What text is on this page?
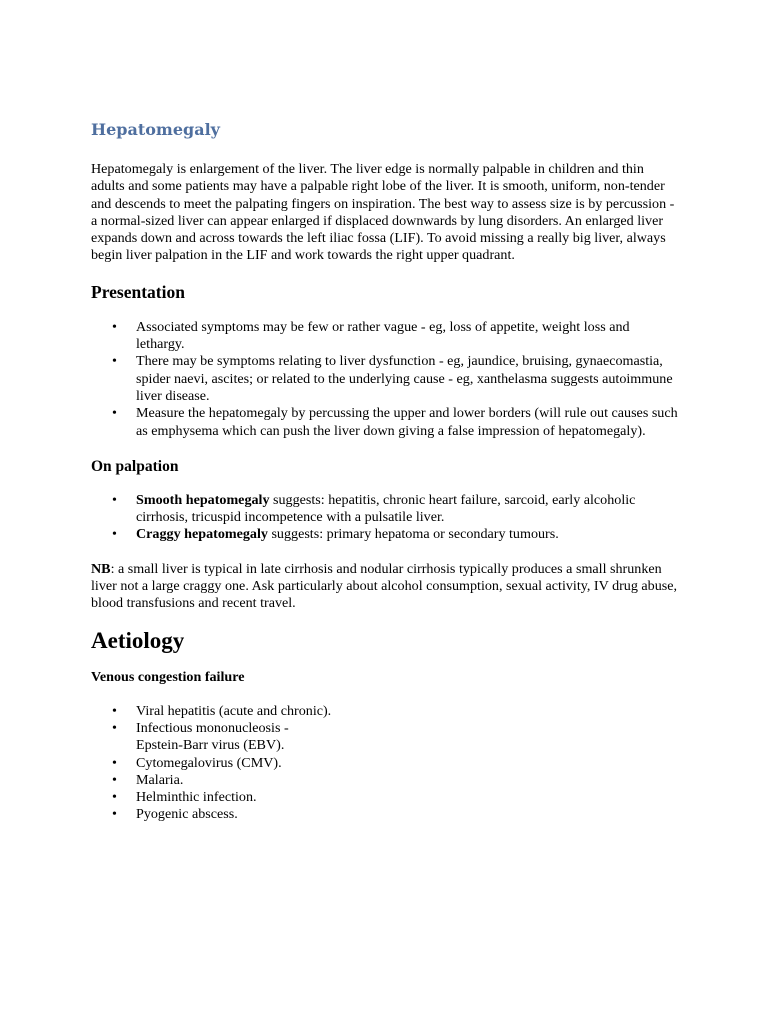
Hepatomegaly

Hepatomegaly is enlargement of the liver. The liver edge is normally palpable in children and thin adults and some patients may have a palpable right lobe of the liver. It is smooth, uniform, non-tender and descends to meet the palpating fingers on inspiration. The best way to assess size is by percussion - a normal-sized liver can appear enlarged if displaced downwards by lung disorders. An enlarged liver expands down and across towards the left iliac fossa (LIF). To avoid missing a really big liver, always begin liver palpation in the LIF and work towards the right upper quadrant.

Presentation
• Associated symptoms may be few or rather vague - eg, loss of appetite, weight loss and lethargy.
• There may be symptoms relating to liver dysfunction - eg, jaundice, bruising, gynaecomastia, spider naevi, ascites; or related to the underlying cause - eg, xanthelasma suggests autoimmune liver disease.
• Measure the hepatomegaly by percussing the upper and lower borders (will rule out causes such as emphysema which can push the liver down giving a false impression of hepatomegaly).
On palpation
• Smooth hepatomegaly suggests: hepatitis, chronic heart failure, sarcoid, early alcoholic cirrhosis, tricuspid incompetence with a pulsatile liver.
• Craggy hepatomegaly suggests: primary hepatoma or secondary tumours.

NB: a small liver is typical in late cirrhosis and nodular cirrhosis typically produces a small shrunken liver not a large craggy one. Ask particularly about alcohol consumption, sexual activity, IV drug abuse, blood transfusions and recent travel.

Aetiology
Venous congestion failure
• Viral hepatitis (acute and chronic).
• Infectious mononucleosis -
Epstein-Barr virus (EBV).
• Cytomegalovirus (CMV).
• Malaria.
• Helminthic infection.
• Pyogenic abscess.
